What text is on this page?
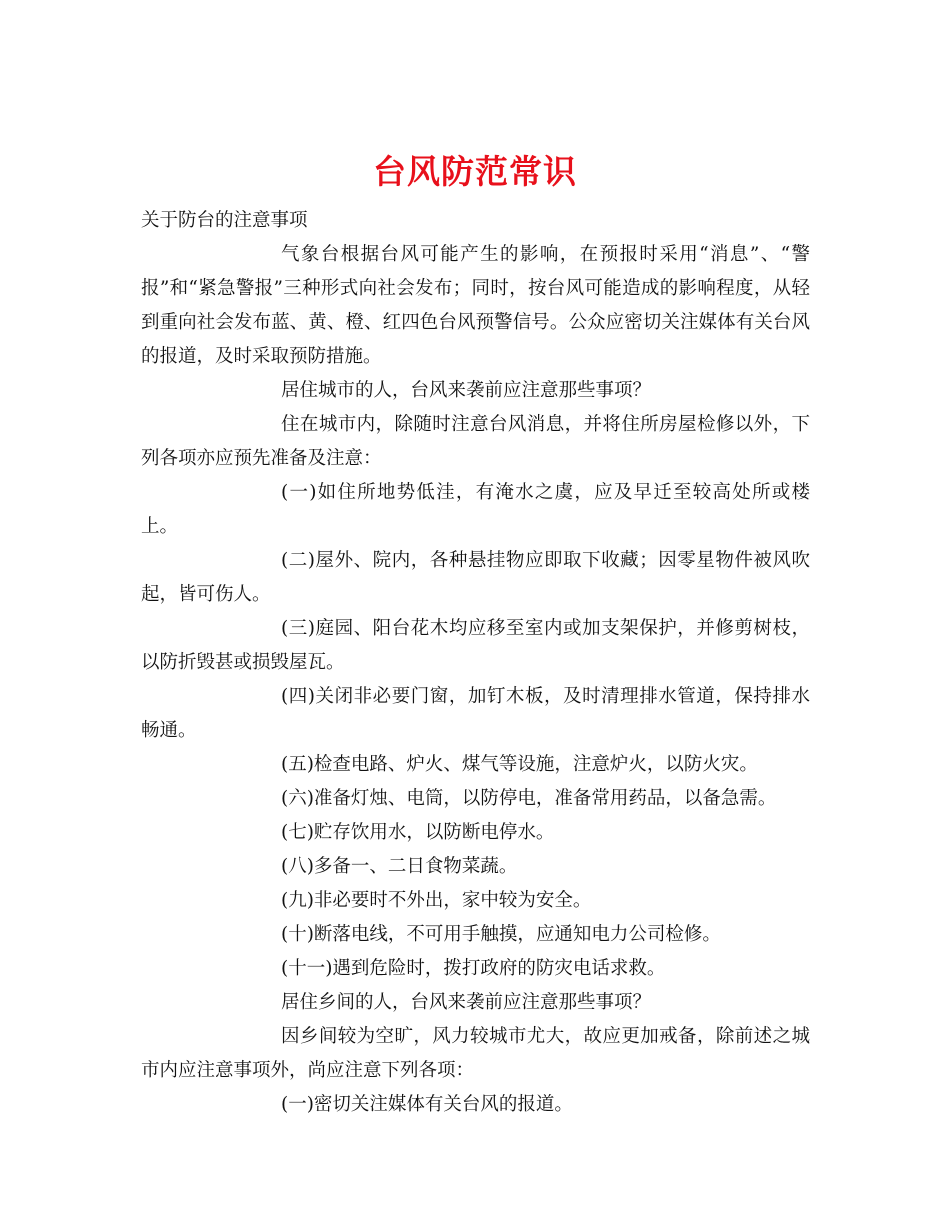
台风防范常识

关于防台的注意事项

气象台根据台风可能产生的影响，在预报时采用“消息”、“警报”和“紧急警报”三种形式向社会发布；同时，按台风可能造成的影响程度，从轻到重向社会发布蓝、黄、橙、红四色台风预警信号。公众应密切关注媒体有关台风的报道，及时采取预防措施。

居住城市的人，台风来袭前应注意那些事项？

住在城市内，除随时注意台风消息，并将住所房屋检修以外，下列各项亦应预先准备及注意：

(一)如住所地势低洼，有淹水之虞，应及早迁至较高处所或楼上。

(二)屋外、院内，各种悬挂物应即取下收藏；因零星物件被风吹起，皆可伤人。

(三)庭园、阳台花木均应移至室内或加支架保护，并修剪树枝，以防折毁甚或损毁屋瓦。

(四)关闭非必要门窗，加钉木板，及时清理排水管道，保持排水畅通。

(五)检查电路、炉火、煤气等设施，注意炉火，以防火灾。

(六)准备灯烛、电筒，以防停电，准备常用药品，以备急需。

(七)贮存饮用水，以防断电停水。

(八)多备一、二日食物菜蔬。

(九)非必要时不外出，家中较为安全。

(十)断落电线，不可用手触摸，应通知电力公司检修。

(十一)遇到危险时，拨打政府的防灾电话求救。

居住乡间的人，台风来袭前应注意那些事项？

因乡间较为空旷，风力较城市尤大，故应更加戒备，除前述之城市内应注意事项外，尚应注意下列各项：

(一)密切关注媒体有关台风的报道。
